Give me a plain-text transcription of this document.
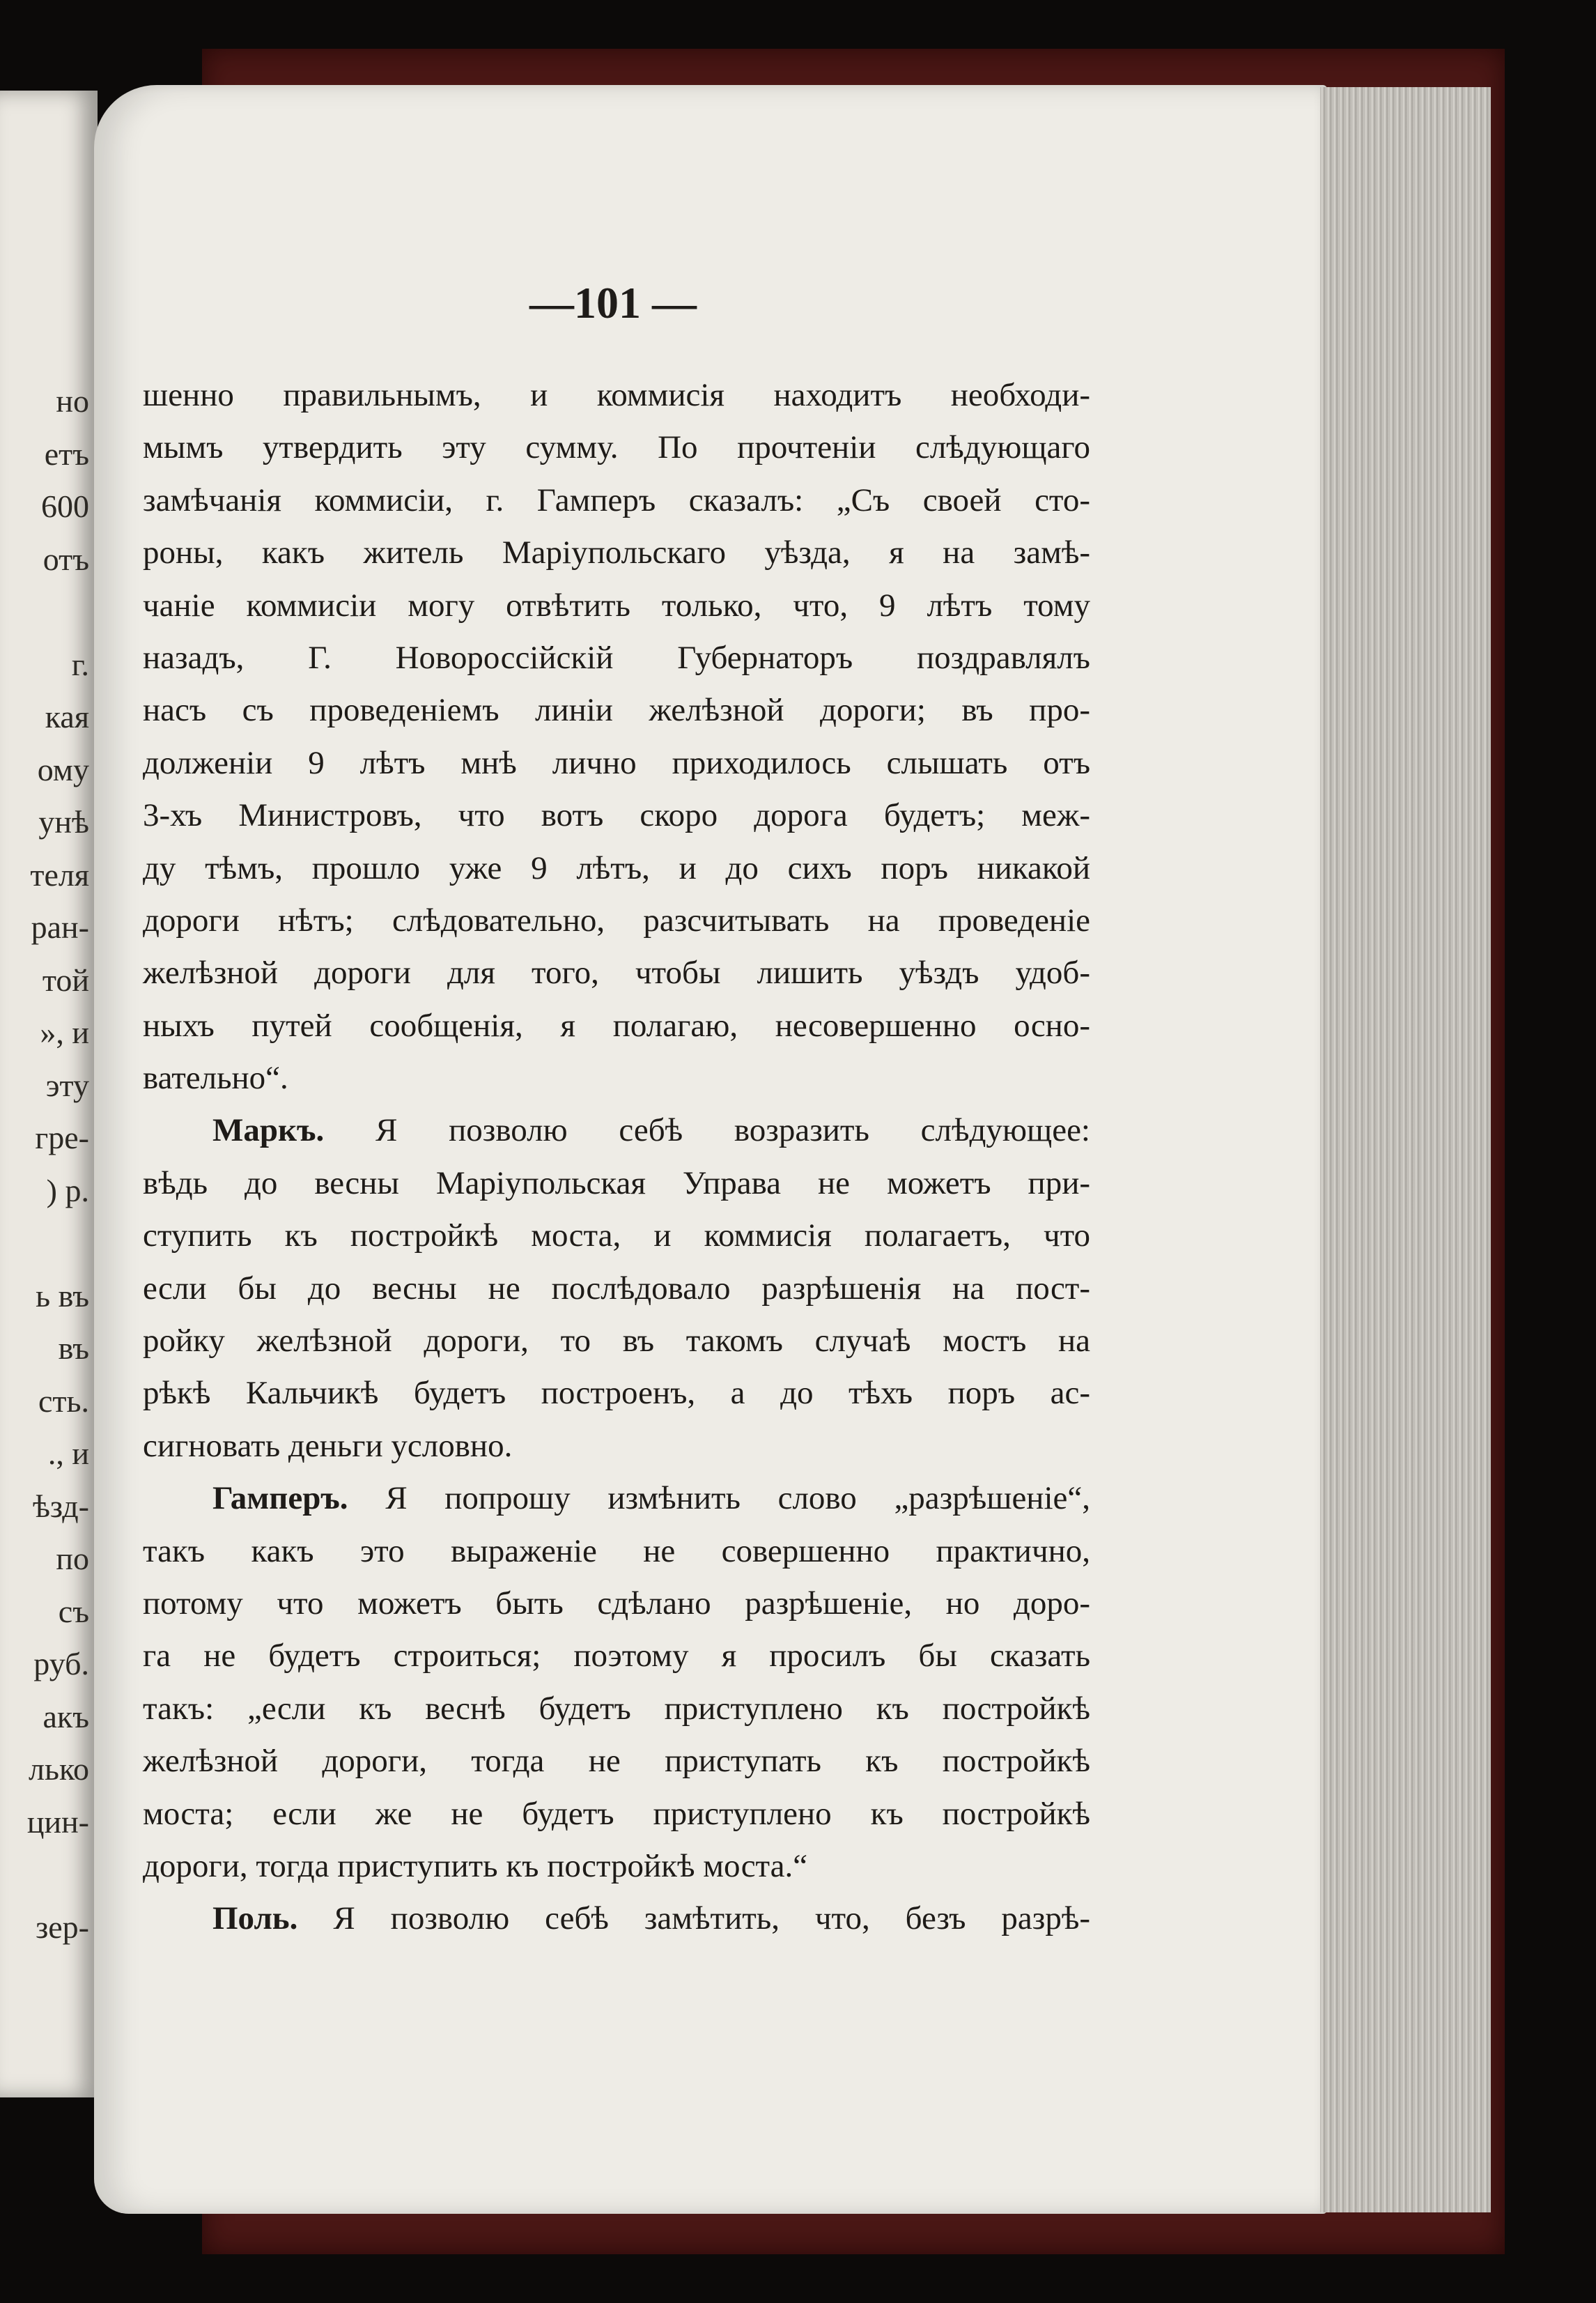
но
етъ
600
отъ
г.
кая
ому
унѣ
теля
ран-
той
», и
эту
гре-
) р.
ь въ
въ
сть.
., и
ѣзд-
по
съ
руб.
акъ
лько
цин-
зер-
—101 —
шенно правильнымъ, и коммисія находитъ необходи-
мымъ утвердить эту сумму. По прочтеніи слѣдующаго
замѣчанія коммисіи, г. Гамперъ сказалъ: „Съ своей сто-
роны, какъ житель Маріупольскаго уѣзда, я на замѣ-
чаніе коммисіи могу отвѣтить только, что, 9 лѣтъ тому
назадъ, Г. Новороссійскій Губернаторъ поздравлялъ
насъ съ проведеніемъ линіи желѣзной дороги; въ про-
долженіи 9 лѣтъ мнѣ лично приходилось слышать отъ
3-хъ Министровъ, что вотъ скоро дорога будетъ; меж-
ду тѣмъ, прошло уже 9 лѣтъ, и до сихъ поръ никакой
дороги нѣтъ; слѣдовательно, разсчитывать на проведеніе
желѣзной дороги для того, чтобы лишить уѣздъ удоб-
ныхъ путей сообщенія, я полагаю, несовершенно осно-
вательно“.
Маркъ. Я позволю себѣ возразить слѣдующее:
вѣдь до весны Маріупольская Управа не можетъ при-
ступить къ постройкѣ моста, и коммисія полагаетъ, что
если бы до весны не послѣдовало разрѣшенія на пост-
ройку желѣзной дороги, то въ такомъ случаѣ мостъ на
рѣкѣ Кальчикѣ будетъ построенъ, а до тѣхъ поръ ас-
сигновать деньги условно.
Гамперъ. Я попрошу измѣнить слово „разрѣшеніе“,
такъ какъ это выраженіе не совершенно практично,
потому что можетъ быть сдѣлано разрѣшеніе, но доро-
га не будетъ строиться; поэтому я просилъ бы сказать
такъ: „если къ веснѣ будетъ приступлено къ постройкѣ
желѣзной дороги, тогда не приступать къ постройкѣ
моста; если же не будетъ приступлено къ постройкѣ
дороги, тогда приступить къ постройкѣ моста.“
Поль. Я позволю себѣ замѣтить, что, безъ разрѣ-
